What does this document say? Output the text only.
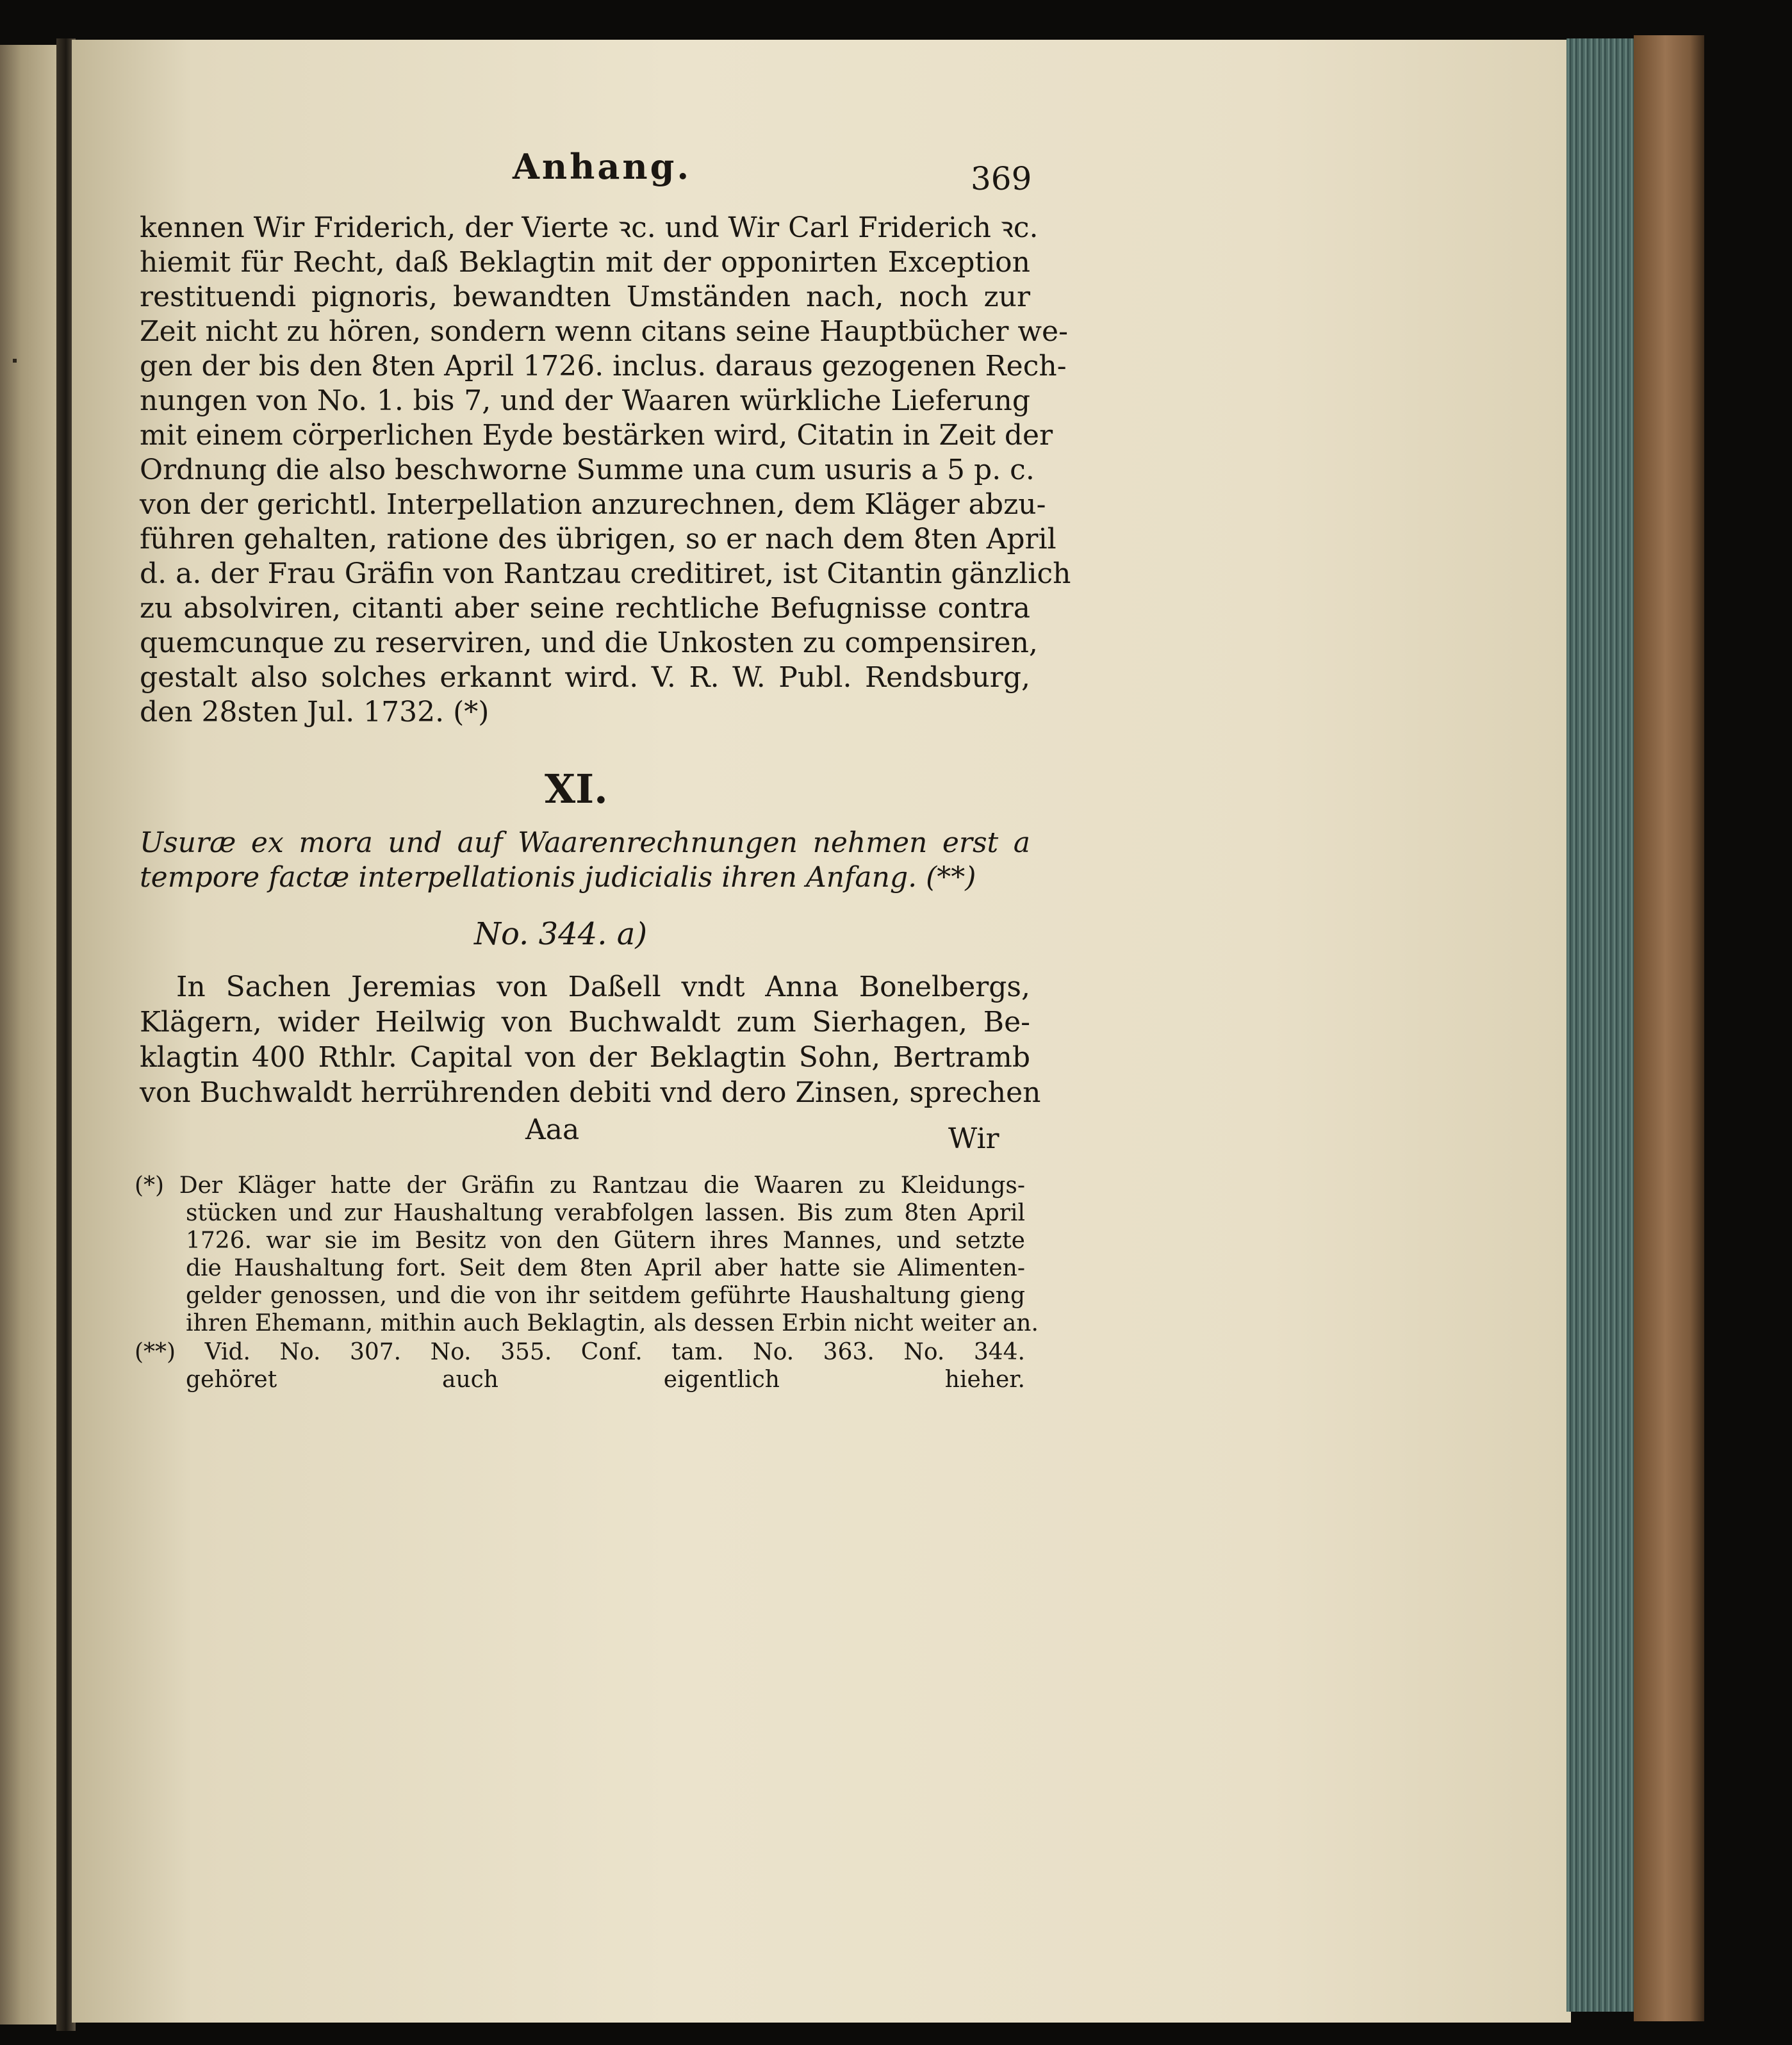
Anhang.	369
kennen Wir Friderich, der Vierte ꝛc. und Wir Carl Friderich ꝛc.
hiemit für Recht, daß Beklagtin mit der opponirten Exception
restituendi pignoris, bewandten Umständen nach, noch zur
Zeit nicht zu hören, sondern wenn citans seine Hauptbücher we-
gen der bis den 8ten April 1726. inclus. daraus gezogenen Rech-
nungen von No. 1. bis 7, und der Waaren würkliche Lieferung
mit einem cörperlichen Eyde bestärken wird, Citatin in Zeit der
Ordnung die also beschworne Summe una cum usuris a 5 p. c.
von der gerichtl. Interpellation anzurechnen, dem Kläger abzu-
führen gehalten, ratione des übrigen, so er nach dem 8ten April
d. a. der Frau Gräfin von Rantzau creditiret, ist Citantin gänzlich
zu absolviren, citanti aber seine rechtliche Befugnisse contra
quemcunque zu reserviren, und die Unkosten zu compensiren,
gestalt also solches erkannt wird. V. R. W. Publ. Rendsburg,
den 28sten Jul. 1732. (*)
XI.
Usuræ ex mora und auf Waarenrechnungen nehmen erst a
tempore factæ interpellationis judicialis ihren Anfang. (**)
No. 344. a)
In Sachen Jeremias von Daßell vndt Anna Bonelbergs,
Klägern, wider Heilwig von Buchwaldt zum Sierhagen, Be-
klagtin 400 Rthlr. Capital von der Beklagtin Sohn, Bertramb
von Buchwaldt herrührenden debiti vnd dero Zinsen, sprechen
Aaa	Wir
(*) Der Kläger hatte der Gräfin zu Rantzau die Waaren zu Kleidungs-
stücken und zur Haushaltung verabfolgen lassen. Bis zum 8ten April
1726. war sie im Besitz von den Gütern ihres Mannes, und setzte
die Haushaltung fort. Seit dem 8ten April aber hatte sie Alimenten-
gelder genossen, und die von ihr seitdem geführte Haushaltung gieng
ihren Ehemann, mithin auch Beklagtin, als dessen Erbin nicht weiter an.
(**) Vid. No. 307. No. 355. Conf. tam. No. 363. No. 344.
gehöret auch eigentlich hieher.
